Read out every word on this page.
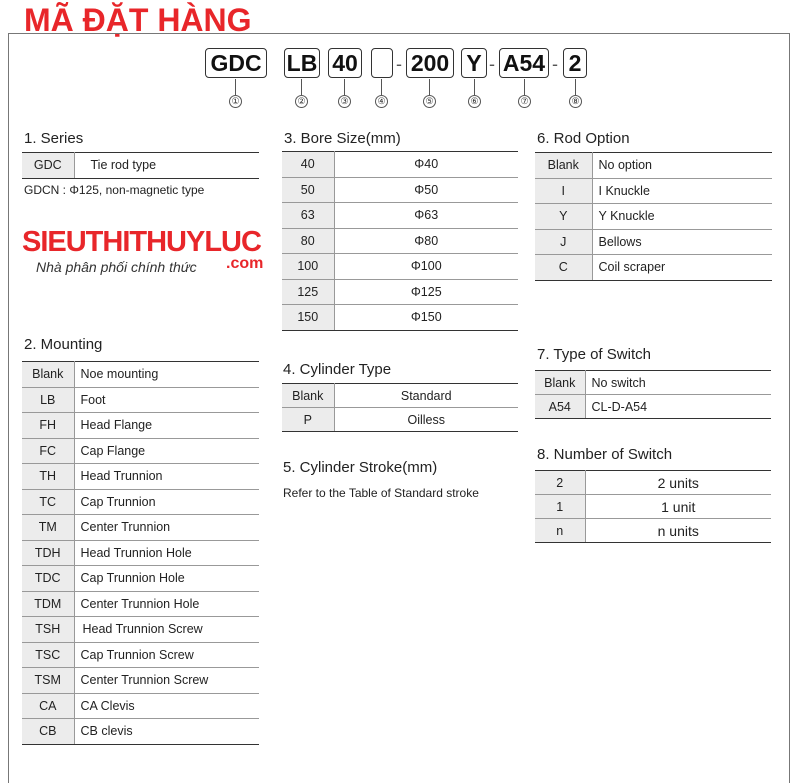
MÃ ĐẶT HÀNG
GDC LB 40 - 200 Y - A54 - 2
①	②	③	④	⑤	⑥	⑦	⑧
1. Series
GDC	Tie rod type
GDCN : Φ125, non-magnetic type
SIEUTHITHUYLUC
Nhà phân phối chính thức .com
2. Mounting
Blank	Noe mounting
LB	Foot
FH	Head Flange
FC	Cap Flange
TH	Head Trunnion
TC	Cap Trunnion
TM	Center Trunnion
TDH	Head Trunnion Hole
TDC	Cap Trunnion Hole
TDM	Center Trunnion Hole
TSH	Head Trunnion Screw
TSC	Cap Trunnion Screw
TSM	Center Trunnion Screw
CA	CA Clevis
CB	CB clevis
3. Bore Size(mm)
40	Φ40
50	Φ50
63	Φ63
80	Φ80
100	Φ100
125	Φ125
150	Φ150
4. Cylinder Type
Blank	Standard
P	Oilless
5. Cylinder Stroke(mm)
Refer to the Table of Standard stroke
6. Rod Option
Blank	No option
I	I Knuckle
Y	Y Knuckle
J	Bellows
C	Coil scraper
7. Type of Switch
Blank	No switch
A54	CL-D-A54
8. Number of Switch
2	2 units
1	1 unit
n	n units
